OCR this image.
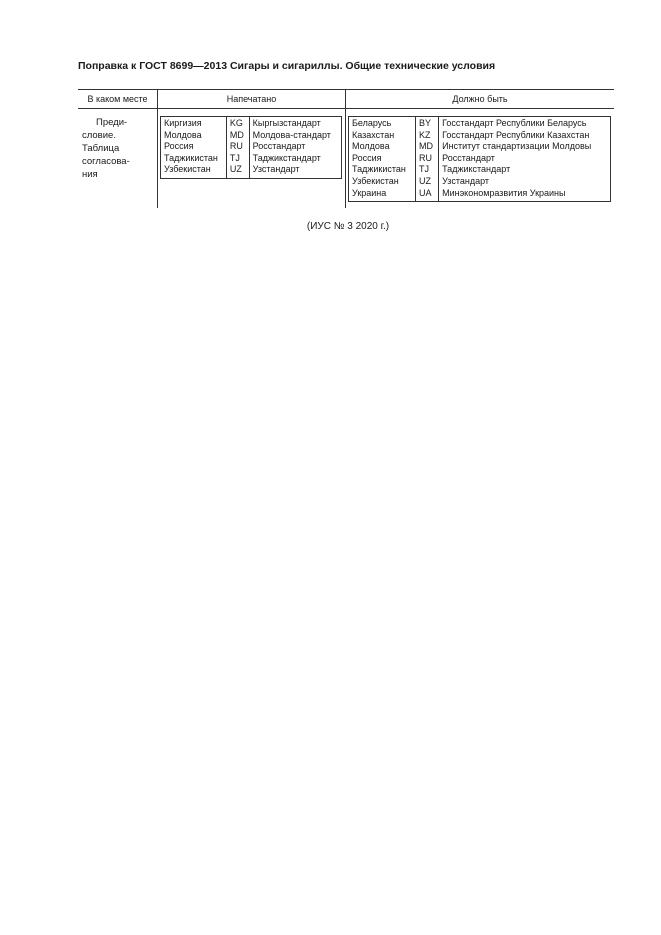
Поправка к ГОСТ 8699—2013 Сигары и сигариллы. Общие технические условия
В каком месте	Напечатано	Должно быть
Преди-
словие.
Таблица
согласова-
ния
Киргизия	KG	Кыргызстандарт
Молдова	MD	Молдова-стандарт
Россия	RU	Росстандарт
Таджикистан	TJ	Таджикстандарт
Узбекистан	UZ	Узстандарт
Беларусь	BY	Госстандарт Республики Беларусь
Казахстан	KZ	Госстандарт Республики Казахстан
Молдова	MD	Институт стандартизации Молдовы
Россия	RU	Росстандарт
Таджикистан	TJ	Таджикстандарт
Узбекистан	UZ	Узстандарт
Украина	UA	Минэкономразвития Украины
(ИУС № 3 2020 г.)
